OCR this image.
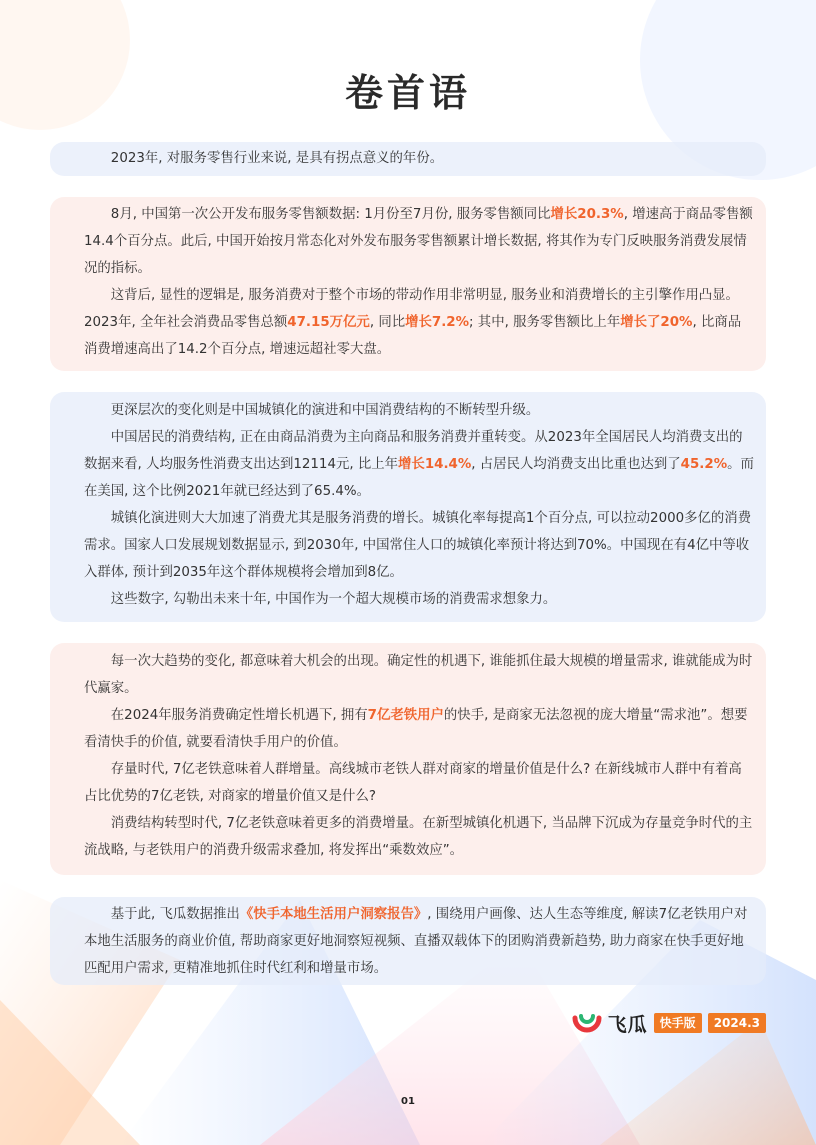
卷首语

2023年, 对服务零售行业来说, 是具有拐点意义的年份。

8月, 中国第一次公开发布服务零售额数据: 1月份至7月份, 服务零售额同比增长20.3%, 增速高于商品零售额14.4个百分点。此后, 中国开始按月常态化对外发布服务零售额累计增长数据, 将其作为专门反映服务消费发展情况的指标。

这背后, 显性的逻辑是, 服务消费对于整个市场的带动作用非常明显, 服务业和消费增长的主引擎作用凸显。2023年, 全年社会消费品零售总额47.15万亿元, 同比增长7.2%; 其中, 服务零售额比上年增长了20%, 比商品消费增速高出了14.2个百分点, 增速远超社零大盘。

更深层次的变化则是中国城镇化的演进和中国消费结构的不断转型升级。

中国居民的消费结构, 正在由商品消费为主向商品和服务消费并重转变。从2023年全国居民人均消费支出的数据来看, 人均服务性消费支出达到12114元, 比上年增长14.4%, 占居民人均消费支出比重也达到了45.2%。而在美国, 这个比例2021年就已经达到了65.4%。

城镇化演进则大大加速了消费尤其是服务消费的增长。城镇化率每提高1个百分点, 可以拉动2000多亿的消费需求。国家人口发展规划数据显示, 到2030年, 中国常住人口的城镇化率预计将达到70%。中国现在有4亿中等收入群体, 预计到2035年这个群体规模将会增加到8亿。

这些数字, 勾勒出未来十年, 中国作为一个超大规模市场的消费需求想象力。

每一次大趋势的变化, 都意味着大机会的出现。确定性的机遇下, 谁能抓住最大规模的增量需求, 谁就能成为时代赢家。

在2024年服务消费确定性增长机遇下, 拥有7亿老铁用户的快手, 是商家无法忽视的庞大增量“需求池”。想要看清快手的价值, 就要看清快手用户的价值。

存量时代, 7亿老铁意味着人群增量。高线城市老铁人群对商家的增量价值是什么? 在新线城市人群中有着高占比优势的7亿老铁, 对商家的增量价值又是什么?

消费结构转型时代, 7亿老铁意味着更多的消费增量。在新型城镇化机遇下, 当品牌下沉成为存量竞争时代的主流战略, 与老铁用户的消费升级需求叠加, 将发挥出“乘数效应”。

基于此, 飞瓜数据推出《快手本地生活用户洞察报告》, 围绕用户画像、达人生态等维度, 解读7亿老铁用户对本地生活服务的商业价值, 帮助商家更好地洞察短视频、直播双载体下的团购消费新趋势, 助力商家在快手更好地匹配用户需求, 更精准地抓住时代红利和增量市场。

飞瓜	快手版	2024.3
01
